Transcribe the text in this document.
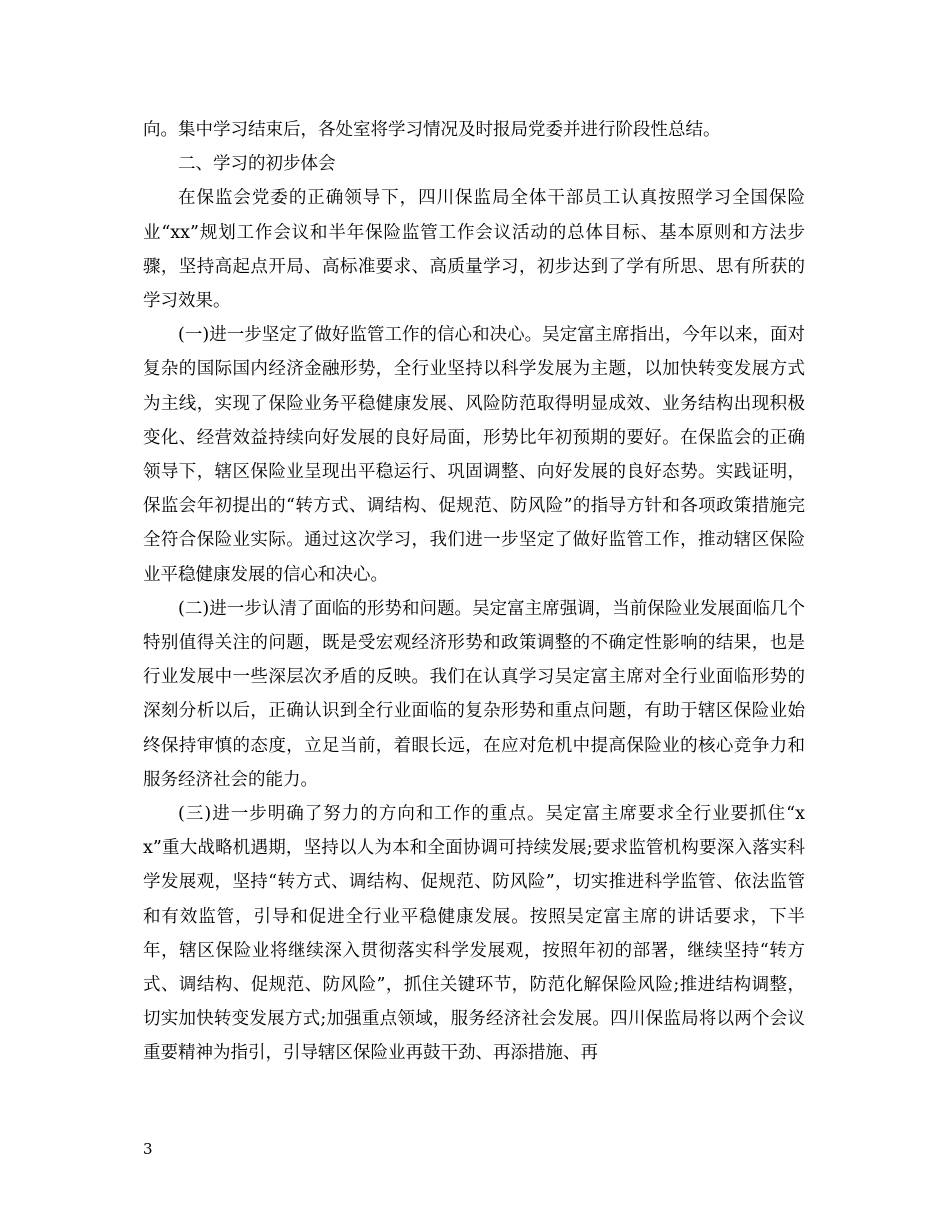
向。集中学习结束后，各处室将学习情况及时报局党委并进行阶段性总结。

二、学习的初步体会

在保监会党委的正确领导下，四川保监局全体干部员工认真按照学习全国保险业“xx”规划工作会议和半年保险监管工作会议活动的总体目标、基本原则和方法步骤，坚持高起点开局、高标准要求、高质量学习，初步达到了学有所思、思有所获的学习效果。

(一)进一步坚定了做好监管工作的信心和决心。吴定富主席指出，今年以来，面对复杂的国际国内经济金融形势，全行业坚持以科学发展为主题，以加快转变发展方式为主线，实现了保险业务平稳健康发展、风险防范取得明显成效、业务结构出现积极变化、经营效益持续向好发展的良好局面，形势比年初预期的要好。在保监会的正确领导下，辖区保险业呈现出平稳运行、巩固调整、向好发展的良好态势。实践证明，保监会年初提出的“转方式、调结构、促规范、防风险”的指导方针和各项政策措施完全符合保险业实际。通过这次学习，我们进一步坚定了做好监管工作，推动辖区保险业平稳健康发展的信心和决心。

(二)进一步认清了面临的形势和问题。吴定富主席强调，当前保险业发展面临几个特别值得关注的问题，既是受宏观经济形势和政策调整的不确定性影响的结果，也是行业发展中一些深层次矛盾的反映。我们在认真学习吴定富主席对全行业面临形势的深刻分析以后，正确认识到全行业面临的复杂形势和重点问题，有助于辖区保险业始终保持审慎的态度，立足当前，着眼长远，在应对危机中提高保险业的核心竞争力和服务经济社会的能力。

(三)进一步明确了努力的方向和工作的重点。吴定富主席要求全行业要抓住“xx”重大战略机遇期，坚持以人为本和全面协调可持续发展;要求监管机构要深入落实科学发展观，坚持“转方式、调结构、促规范、防风险”，切实推进科学监管、依法监管和有效监管，引导和促进全行业平稳健康发展。按照吴定富主席的讲话要求，下半年，辖区保险业将继续深入贯彻落实科学发展观，按照年初的部署，继续坚持“转方式、调结构、促规范、防风险”，抓住关键环节，防范化解保险风险;推进结构调整，切实加快转变发展方式;加强重点领域，服务经济社会发展。四川保监局将以两个会议重要精神为指引，引导辖区保险业再鼓干劲、再添措施、再

3
